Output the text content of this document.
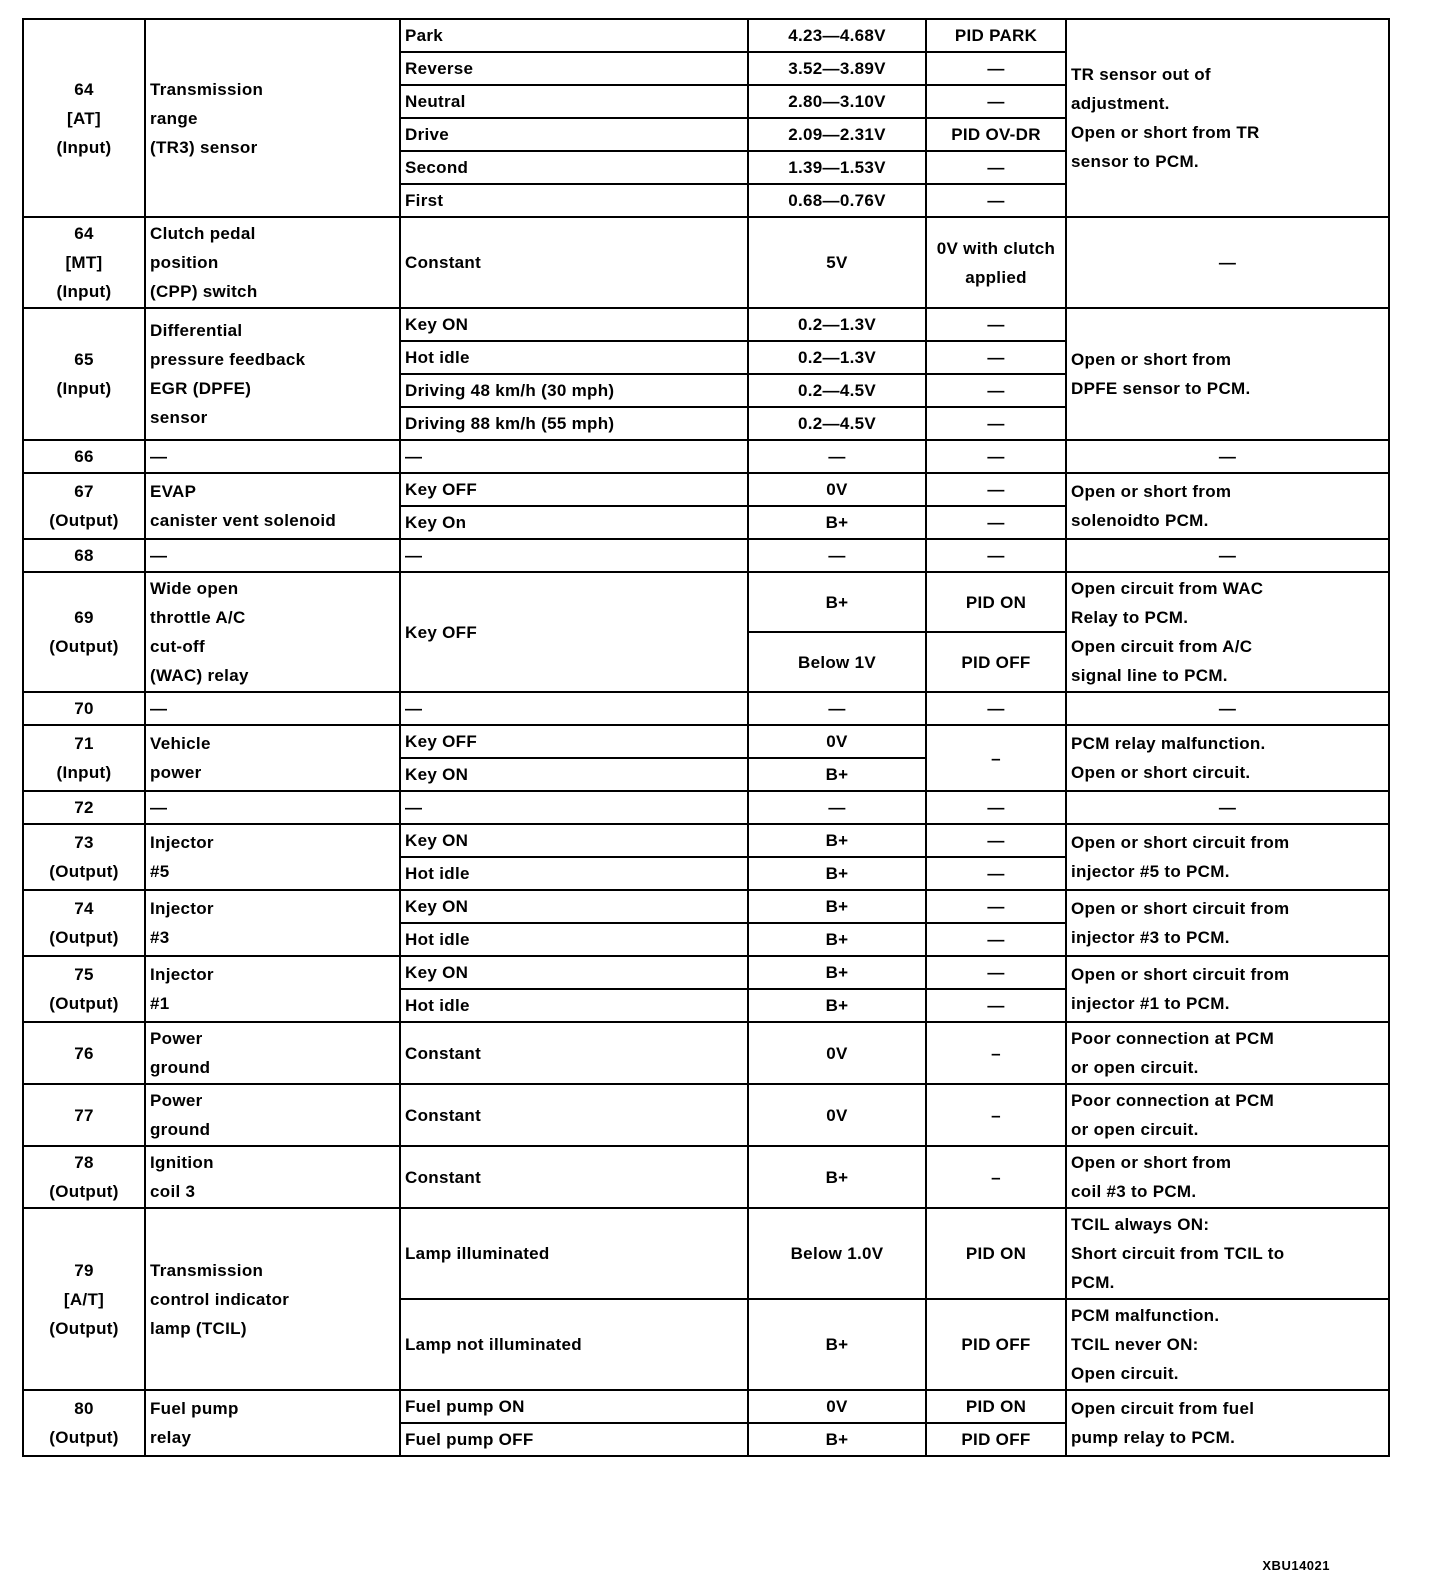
64
[AT]
(Input)	Transmission
range
(TR3) sensor	Park	4.23—4.68V	PID PARK	TR sensor out of
adjustment.
Open or short from TR
sensor to PCM.

		Reverse	3.52—3.89V	—	
		Neutral	2.80—3.10V	—	
		Drive	2.09—2.31V	PID OV-DR	
		Second	1.39—1.53V	—	
		First	0.68—0.76V	—	

64
[MT]
(Input)	Clutch pedal
position
(CPP) switch	Constant	5V	0V with clutch applied	—

65
(Input)	Differential
pressure feedback
EGR (DPFE)
sensor	Key ON	0.2—1.3V	—	Open or short from
DPFE sensor to PCM.

		Hot idle	0.2—1.3V	—	
		Driving 48 km/h (30 mph)	0.2—4.5V	—	
		Driving 88 km/h (55 mph)	0.2—4.5V	—	

66	—	—	—	—	—

67
(Output)	EVAP
canister vent solenoid	Key OFF	0V	—	Open or short from
solenoidto PCM.

		Key On	B+	—	

68	—	—	—	—	—

69
(Output)	Wide open
throttle A/C
cut-off
(WAC) relay	Key OFF	B+	PID ON	Open circuit from WAC
Relay to PCM.
Open circuit from A/C
signal line to PCM.

			Below 1V	PID OFF	

70	—	—	—	—	—

71
(Input)	Vehicle
power	Key OFF	0V	–	PCM relay malfunction.
Open or short circuit.

		Key ON	B+		

72	—	—	—	—	—

73
(Output)	Injector
#5	Key ON	B+	—	Open or short circuit from
injector #5 to PCM.

		Hot idle	B+	—	

74
(Output)	Injector
#3	Key ON	B+	—	Open or short circuit from
injector #3 to PCM.

		Hot idle	B+	—	

75
(Output)	Injector
#1	Key ON	B+	—	Open or short circuit from
injector #1 to PCM.

		Hot idle	B+	—	

76	Power
ground	Constant	0V	–	Poor connection at PCM
or open circuit.

77	Power
ground	Constant	0V	–	Poor connection at PCM
or open circuit.

78
(Output)	Ignition
coil 3	Constant	B+	–	Open or short from
coil #3 to PCM.

79
[A/T]
(Output)	Transmission
control indicator
lamp (TCIL)	Lamp illuminated	Below 1.0V	PID ON	TCIL always ON:
Short circuit from TCIL to
PCM.

		Lamp not illuminated	B+	PID OFF	PCM malfunction.
TCIL never ON:
Open circuit.

80
(Output)	Fuel pump
relay	Fuel pump ON	0V	PID ON	Open circuit from fuel
pump relay to PCM.

		Fuel pump OFF	B+	PID OFF	
XBU14021
